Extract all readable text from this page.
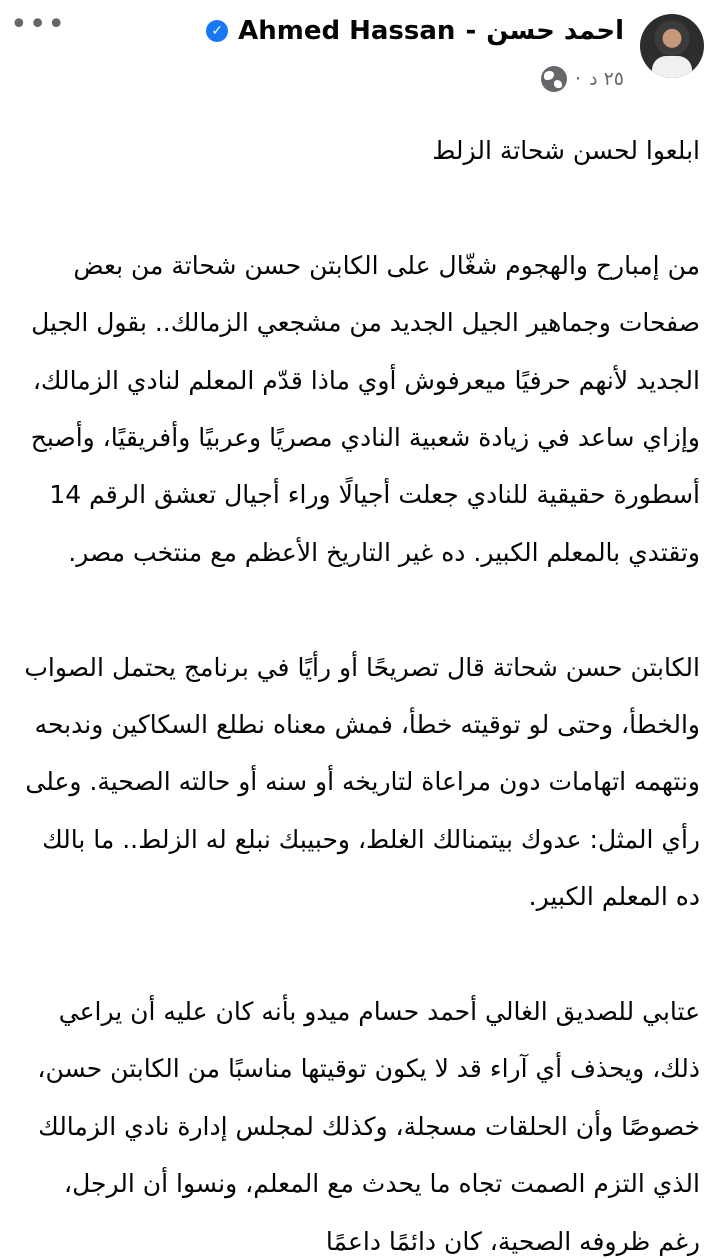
•••	احمد حسن
-
Ahmed Hassan
✓
٢٥ د
·

ابلعوا لحسن شحاتة الزلط

من إمبارح والهجوم شغّال على الكابتن حسن شحاتة من بعض صفحات وجماهير الجيل الجديد من مشجعي الزمالك.. بقول الجيل الجديد لأنهم حرفيًا ميعرفوش أوي ماذا قدّم المعلم لنادي الزمالك، وإزاي ساعد في زيادة شعبية النادي مصريًا وعربيًا وأفريقيًا، وأصبح أسطورة حقيقية للنادي جعلت أجيالًا وراء أجيال تعشق الرقم 14 وتقتدي بالمعلم الكبير. ده غير التاريخ الأعظم مع منتخب مصر.

الكابتن حسن شحاتة قال تصريحًا أو رأيًا في برنامج يحتمل الصواب والخطأ، وحتى لو توقيته خطأ، فمش معناه نطلع السكاكين وندبحه ونتهمه اتهامات دون مراعاة لتاريخه أو سنه أو حالته الصحية. وعلى رأي المثل: عدوك بيتمنالك الغلط، وحبيبك نبلع له الزلط.. ما بالك ده المعلم الكبير.

عتابي للصديق الغالي أحمد حسام ميدو بأنه كان عليه أن يراعي ذلك، ويحذف أي آراء قد لا يكون توقيتها مناسبًا من الكابتن حسن، خصوصًا وأن الحلقات مسجلة، وكذلك لمجلس إدارة نادي الزمالك الذي التزم الصمت تجاه ما يحدث مع المعلم، ونسوا أن الرجل، رغم ظروفه الصحية، كان دائمًا داعمًا
